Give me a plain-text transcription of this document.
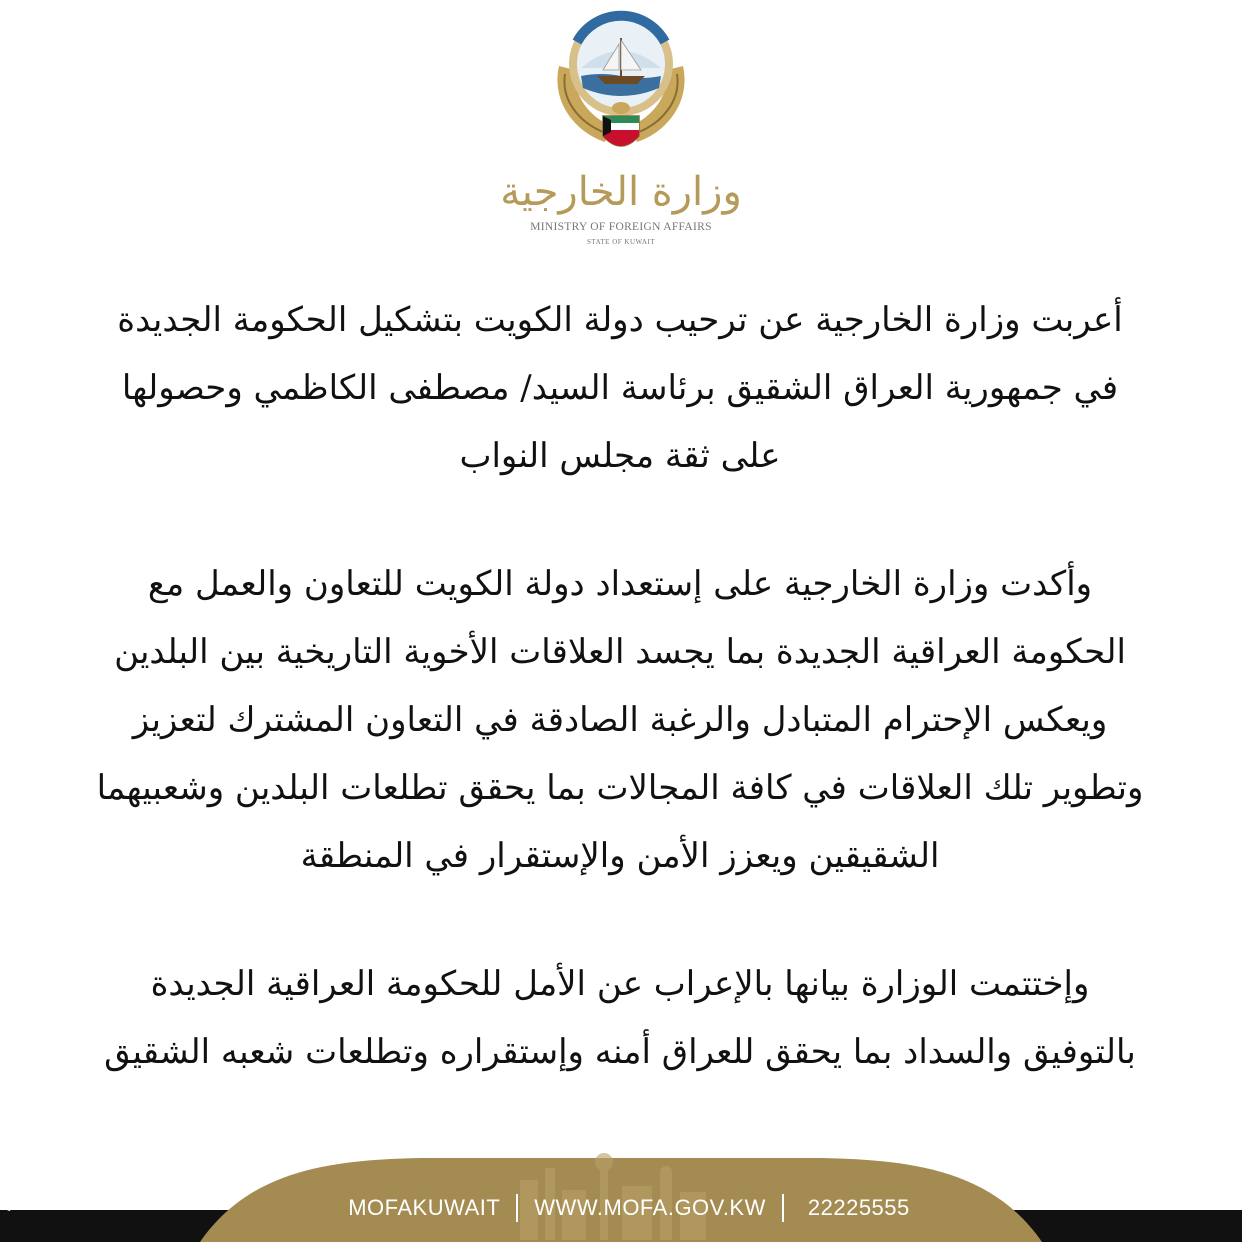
وزارة الخارجية
MINISTRY OF FOREIGN AFFAIRS
STATE OF KUWAIT

أعربت وزارة الخارجية عن ترحيب دولة الكويت بتشكيل الحكومة الجديدة في جمهورية العراق الشقيق برئاسة السيد/ مصطفى الكاظمي وحصولها على ثقة مجلس النواب

وأكدت وزارة الخارجية على إستعداد دولة الكويت للتعاون والعمل مع الحكومة العراقية الجديدة بما يجسد العلاقات الأخوية التاريخية بين البلدين ويعكس الإحترام المتبادل والرغبة الصادقة في التعاون المشترك لتعزيز وتطوير تلك العلاقات في كافة المجالات بما يحقق تطلعات البلدين وشعبيهما الشقيقين ويعزز الأمن والإستقرار في المنطقة

وإختتمت الوزارة بيانها بالإعراب عن الأمل للحكومة العراقية الجديدة بالتوفيق والسداد بما يحقق للعراق أمنه وإستقراره وتطلعات شعبه الشقيق

MOFAKUWAIT WWW.MOFA.GOV.KW 22225555
